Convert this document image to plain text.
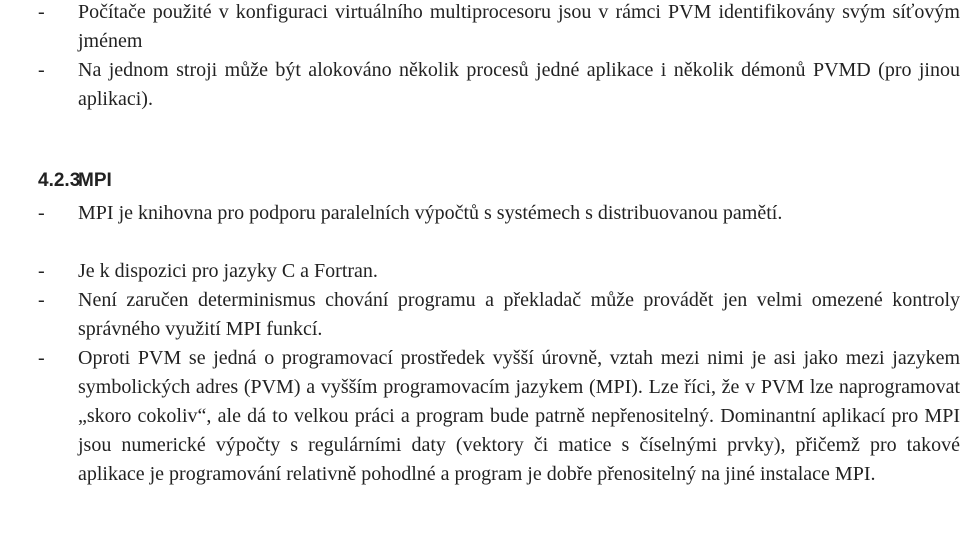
-	Počítače použité v konfiguraci virtuálního multiprocesoru jsou v rámci PVM identifikovány svým síťovým jménem
-	Na jednom stroji může být alokováno několik procesů jedné aplikace i několik démonů PVMD (pro jinou aplikaci).
4.2.3MPI
-	MPI je knihovna pro podporu paralelních výpočtů s systémech s distribuovanou pamětí.
-	Je k dispozici pro jazyky C a Fortran.
-	Není zaručen determinismus chování programu a překladač může provádět jen velmi omezené kontroly správného využití MPI funkcí.
-	Oproti PVM se jedná o programovací prostředek vyšší úrovně, vztah mezi nimi je asi jako mezi jazykem symbolických adres (PVM) a vyšším programovacím jazykem (MPI). Lze říci, že v PVM lze naprogramovat „skoro cokoliv“, ale dá to velkou práci a program bude patrně nepřenositelný. Dominantní aplikací pro MPI jsou numerické výpočty s regulárními daty (vektory či matice s číselnými prvky), přičemž pro takové aplikace je programování relativně pohodlné a program je dobře přenositelný na jiné instalace MPI.
